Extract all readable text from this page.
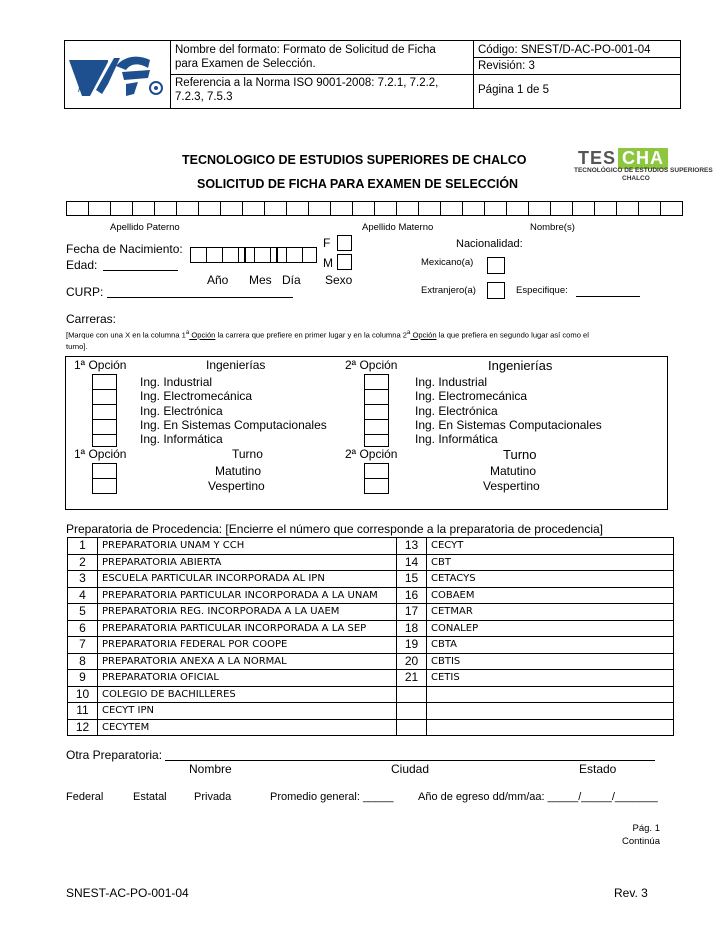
it
Nombre del formato: Formato de Solicitud de Ficha
para Examen de Selección.
Referencia a la Norma ISO 9001-2008: 7.2.1, 7.2.2,
7.2.3, 7.5.3
Código: SNEST/D-AC-PO-001-04
Revisión: 3
Página 1 de 5
TECNOLOGICO DE ESTUDIOS SUPERIORES DE CHALCO
SOLICITUD DE FICHA PARA EXAMEN DE SELECCIÓN
TES CHA
TECNOLÓGICO DE ESTUDIOS SUPERIORES
CHALCO
Apellido Paterno	Apellido Materno	Nombre(s)
Fecha de Nacimiento:
Edad:
Año Mes Día
CURP:
F
M
Sexo
Nacionalidad:
Mexicano(a)
Extranjero(a)	Especifique:
Carreras:
[Marque con una X en la columna 1$^a$ Opción la carrera que prefiere en primer lugar y en la columna 2$^a$ Opción la que prefiera en segundo lugar así como el
turno].
1ª Opción	Ingenierías	2ª Opción	Ingenierías
Ing. Industrial
Ing. Electromecánica
Ing. Electrónica
Ing. En Sistemas Computacionales
Ing. Informática
Ing. Industrial
Ing. Electromecánica
Ing. Electrónica
Ing. En Sistemas Computacionales
Ing. Informática
1ª Opción	Turno	2ª Opción	Turno
Matutino
Vespertino
Matutino
Vespertino
Preparatoria de Procedencia: [Encierre el número que corresponde a la preparatoria de procedencia]
1	PREPARATORIA UNAM Y CCH	13	CECYT
2	PREPARATORIA ABIERTA	14	CBT
3	ESCUELA PARTICULAR INCORPORADA AL IPN	15	CETACYS
4	PREPARATORIA PARTICULAR INCORPORADA A LA UNAM	16	COBAEM
5	PREPARATORIA REG. INCORPORADA A LA UAEM	17	CETMAR
6	PREPARATORIA PARTICULAR INCORPORADA A LA SEP	18	CONALEP
7	PREPARATORIA FEDERAL POR COOPE	19	CBTA
8	PREPARATORIA ANEXA A LA NORMAL	20	CBTIS
9	PREPARATORIA OFICIAL	21	CETIS
10	COLEGIO DE BACHILLERES		
11	CECYT IPN		
12	CECYTEM		
Otra Preparatoria:
Nombre	Ciudad	Estado
Federal	Estatal Privada	Promedio general: _____ Año de egreso dd/mm/aa: _____/_____/_______
Pág. 1
Continúa
SNEST-AC-PO-001-04	Rev. 3
